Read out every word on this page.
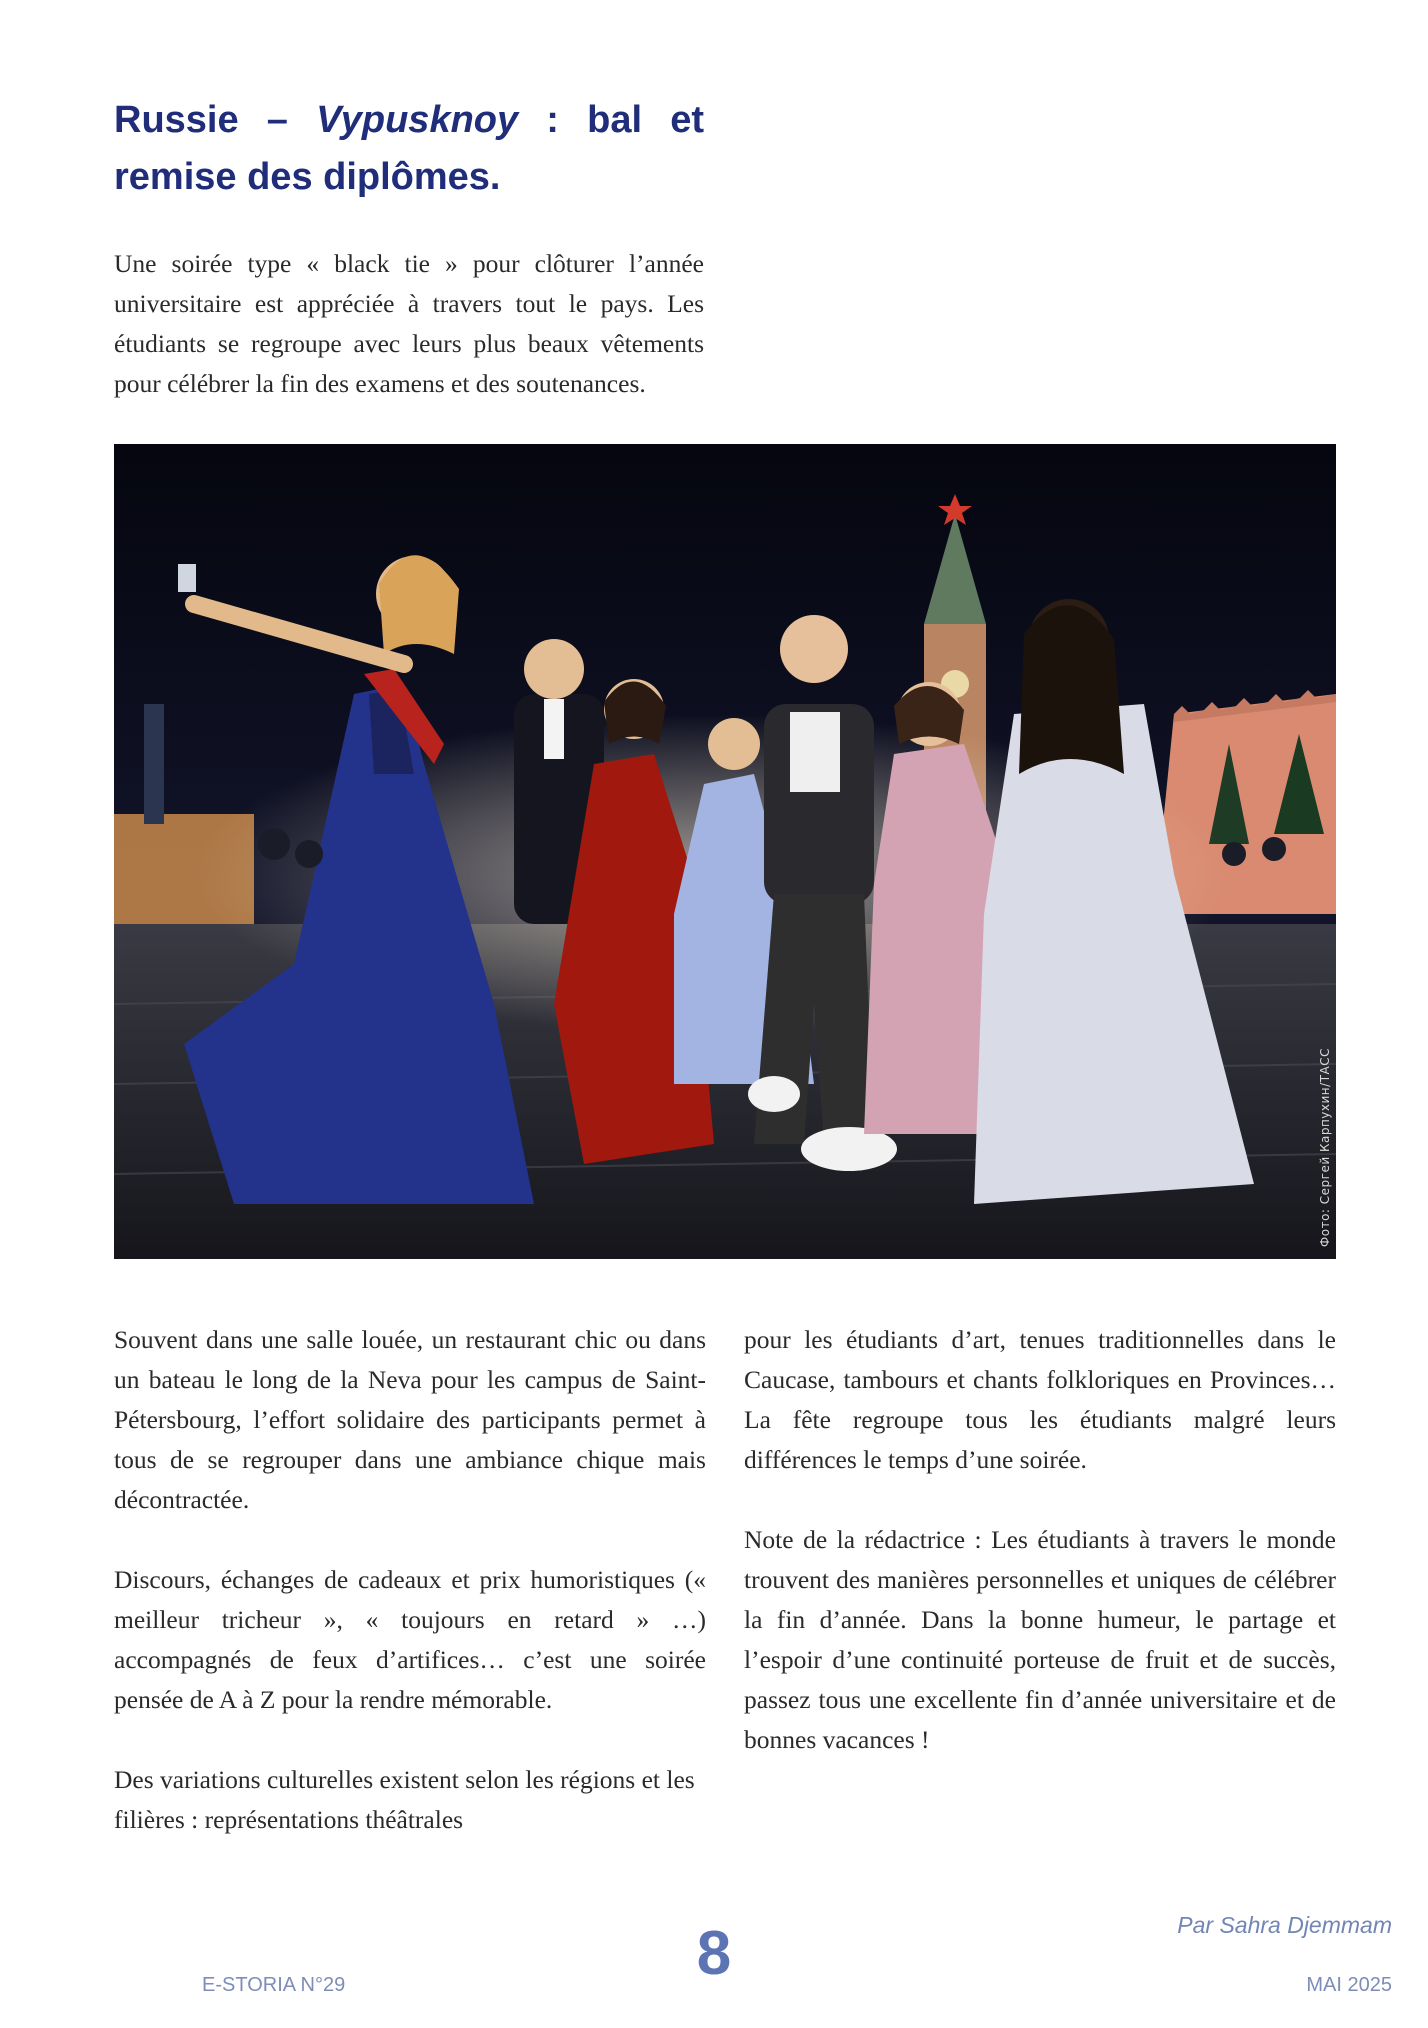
Russie – Vypusknoy : bal et remise des diplômes.

Une soirée type « black tie » pour clôturer l’année universitaire est appréciée à travers tout le pays. Les étudiants se regroupe avec leurs plus beaux vêtements pour célébrer la fin des examens et des soutenances.

Фото: Сергей Карпухин/ТАСС

Souvent dans une salle louée, un restaurant chic ou dans un bateau le long de la Neva pour les campus de Saint-Pétersbourg, l’effort solidaire des participants permet à tous de se regrouper dans une ambiance chique mais décontractée.

Discours, échanges de cadeaux et prix humoristiques (« meilleur tricheur », « toujours en retard » …) accompagnés de feux d’artifices… c’est une soirée pensée de A à Z pour la rendre mémorable.

Des variations culturelles existent selon les régions et les filières : représentations théâtrales

pour les étudiants d’art, tenues traditionnelles dans le Caucase, tambours et chants folkloriques en Provinces… La fête regroupe tous les étudiants malgré leurs différences le temps d’une soirée.

Note de la rédactrice : Les étudiants à travers le monde trouvent des manières personnelles et uniques de célébrer la fin d’année. Dans la bonne humeur, le partage et l’espoir d’une continuité porteuse de fruit et de succès, passez tous une excellente fin d’année universitaire et de bonnes vacances !

Par Sahra Djemmam
E-STORIA N°29	8	MAI 2025
